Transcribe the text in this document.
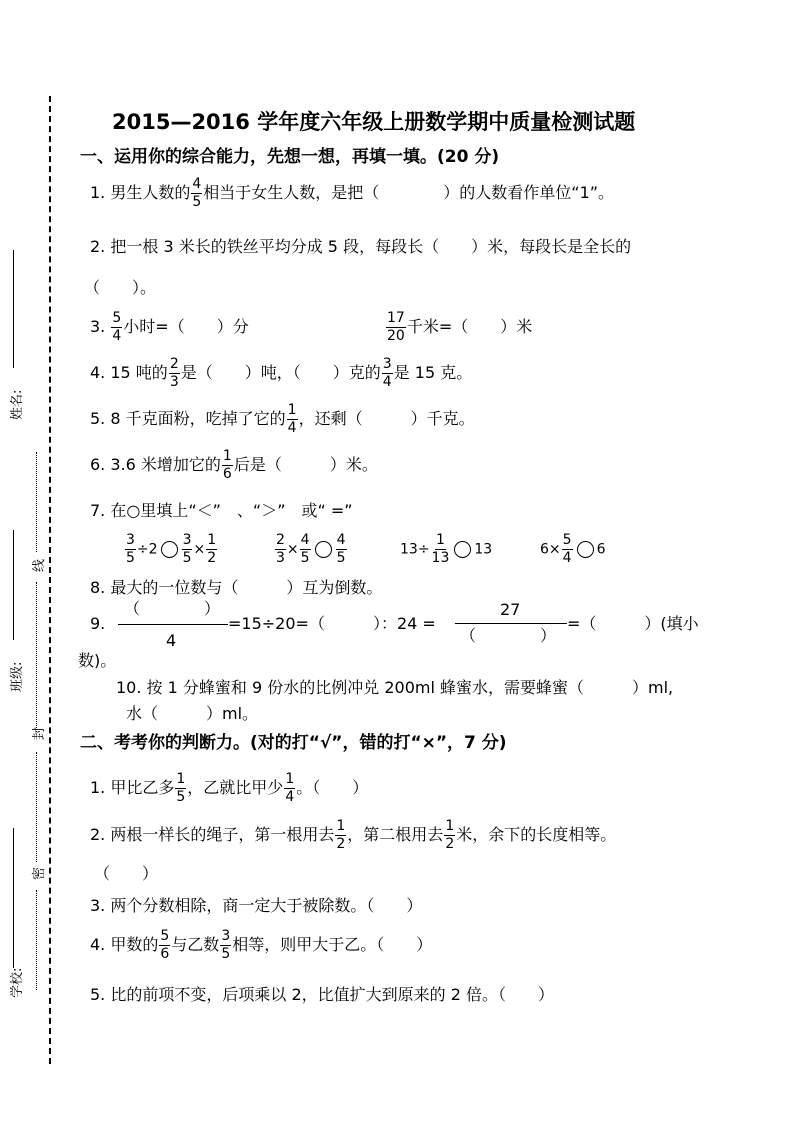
姓名:
班级:
学校:
线
封
密
2015—2016 学年度六年级上册数学期中质量检测试题
一、运用你的综合能力，先想一想，再填一填。(20 分)
1. 男生人数的 $\frac{4}{5}$ 相当于女生人数，是把（　　　　）的人数看作单位“1”。
2. 把一根 3 米长的铁丝平均分成 5 段，每段长（　　）米，每段长是全长的
（　　）。
3. $\frac{5}{4}$ 小时=（　　）分	$\frac{17}{20}$ 千米=（　　）米
4. 15 吨的 $\frac{2}{3}$ 是（　　）吨，（　　）克的 $\frac{3}{4}$ 是 15 克。
5. 8 千克面粉，吃掉了它的 $\frac{1}{4}$ ，还剩（　　　）千克。
6. 3.6 米增加它的 $\frac{1}{6}$ 后是（　　　）米。
7. 在○里填上“＜”　、“＞”　或“ =”
$\frac{3}{5} \div 2 \frac{3}{5} \times \frac{1}{2}$	$\frac{2}{3} \times \frac{4}{5} \frac{4}{5}$	$13\div \frac{1}{13} 13$	$6\times \frac{5}{4} 6$
8. 最大的一位数与（　　　）互为倒数。
9.
（　　　　）
4
=15÷20=（　　　）：24 =
27
（　　　　）
=（　　　）(填小
数)。
10. 按 1 分蜂蜜和 9 份水的比例冲兑 200ml 蜂蜜水，需要蜂蜜（　　　）ml,
水（　　　）ml。
二、考考你的判断力。(对的打“√”，错的打“×”，7 分)
1. 甲比乙多 $\frac{1}{5}$ ，乙就比甲少 $\frac{1}{4}$ 。（　　）
2. 两根一样长的绳子，第一根用去 $\frac{1}{2}$ ，第二根用去 $\frac{1}{2}$ 米，余下的长度相等。
（　　）
3. 两个分数相除，商一定大于被除数。（　　）
4. 甲数的 $\frac{5}{6}$ 与乙数 $\frac{3}{5}$ 相等，则甲大于乙。（　　）
5. 比的前项不变，后项乘以 2，比值扩大到原来的 2 倍。（　　）
